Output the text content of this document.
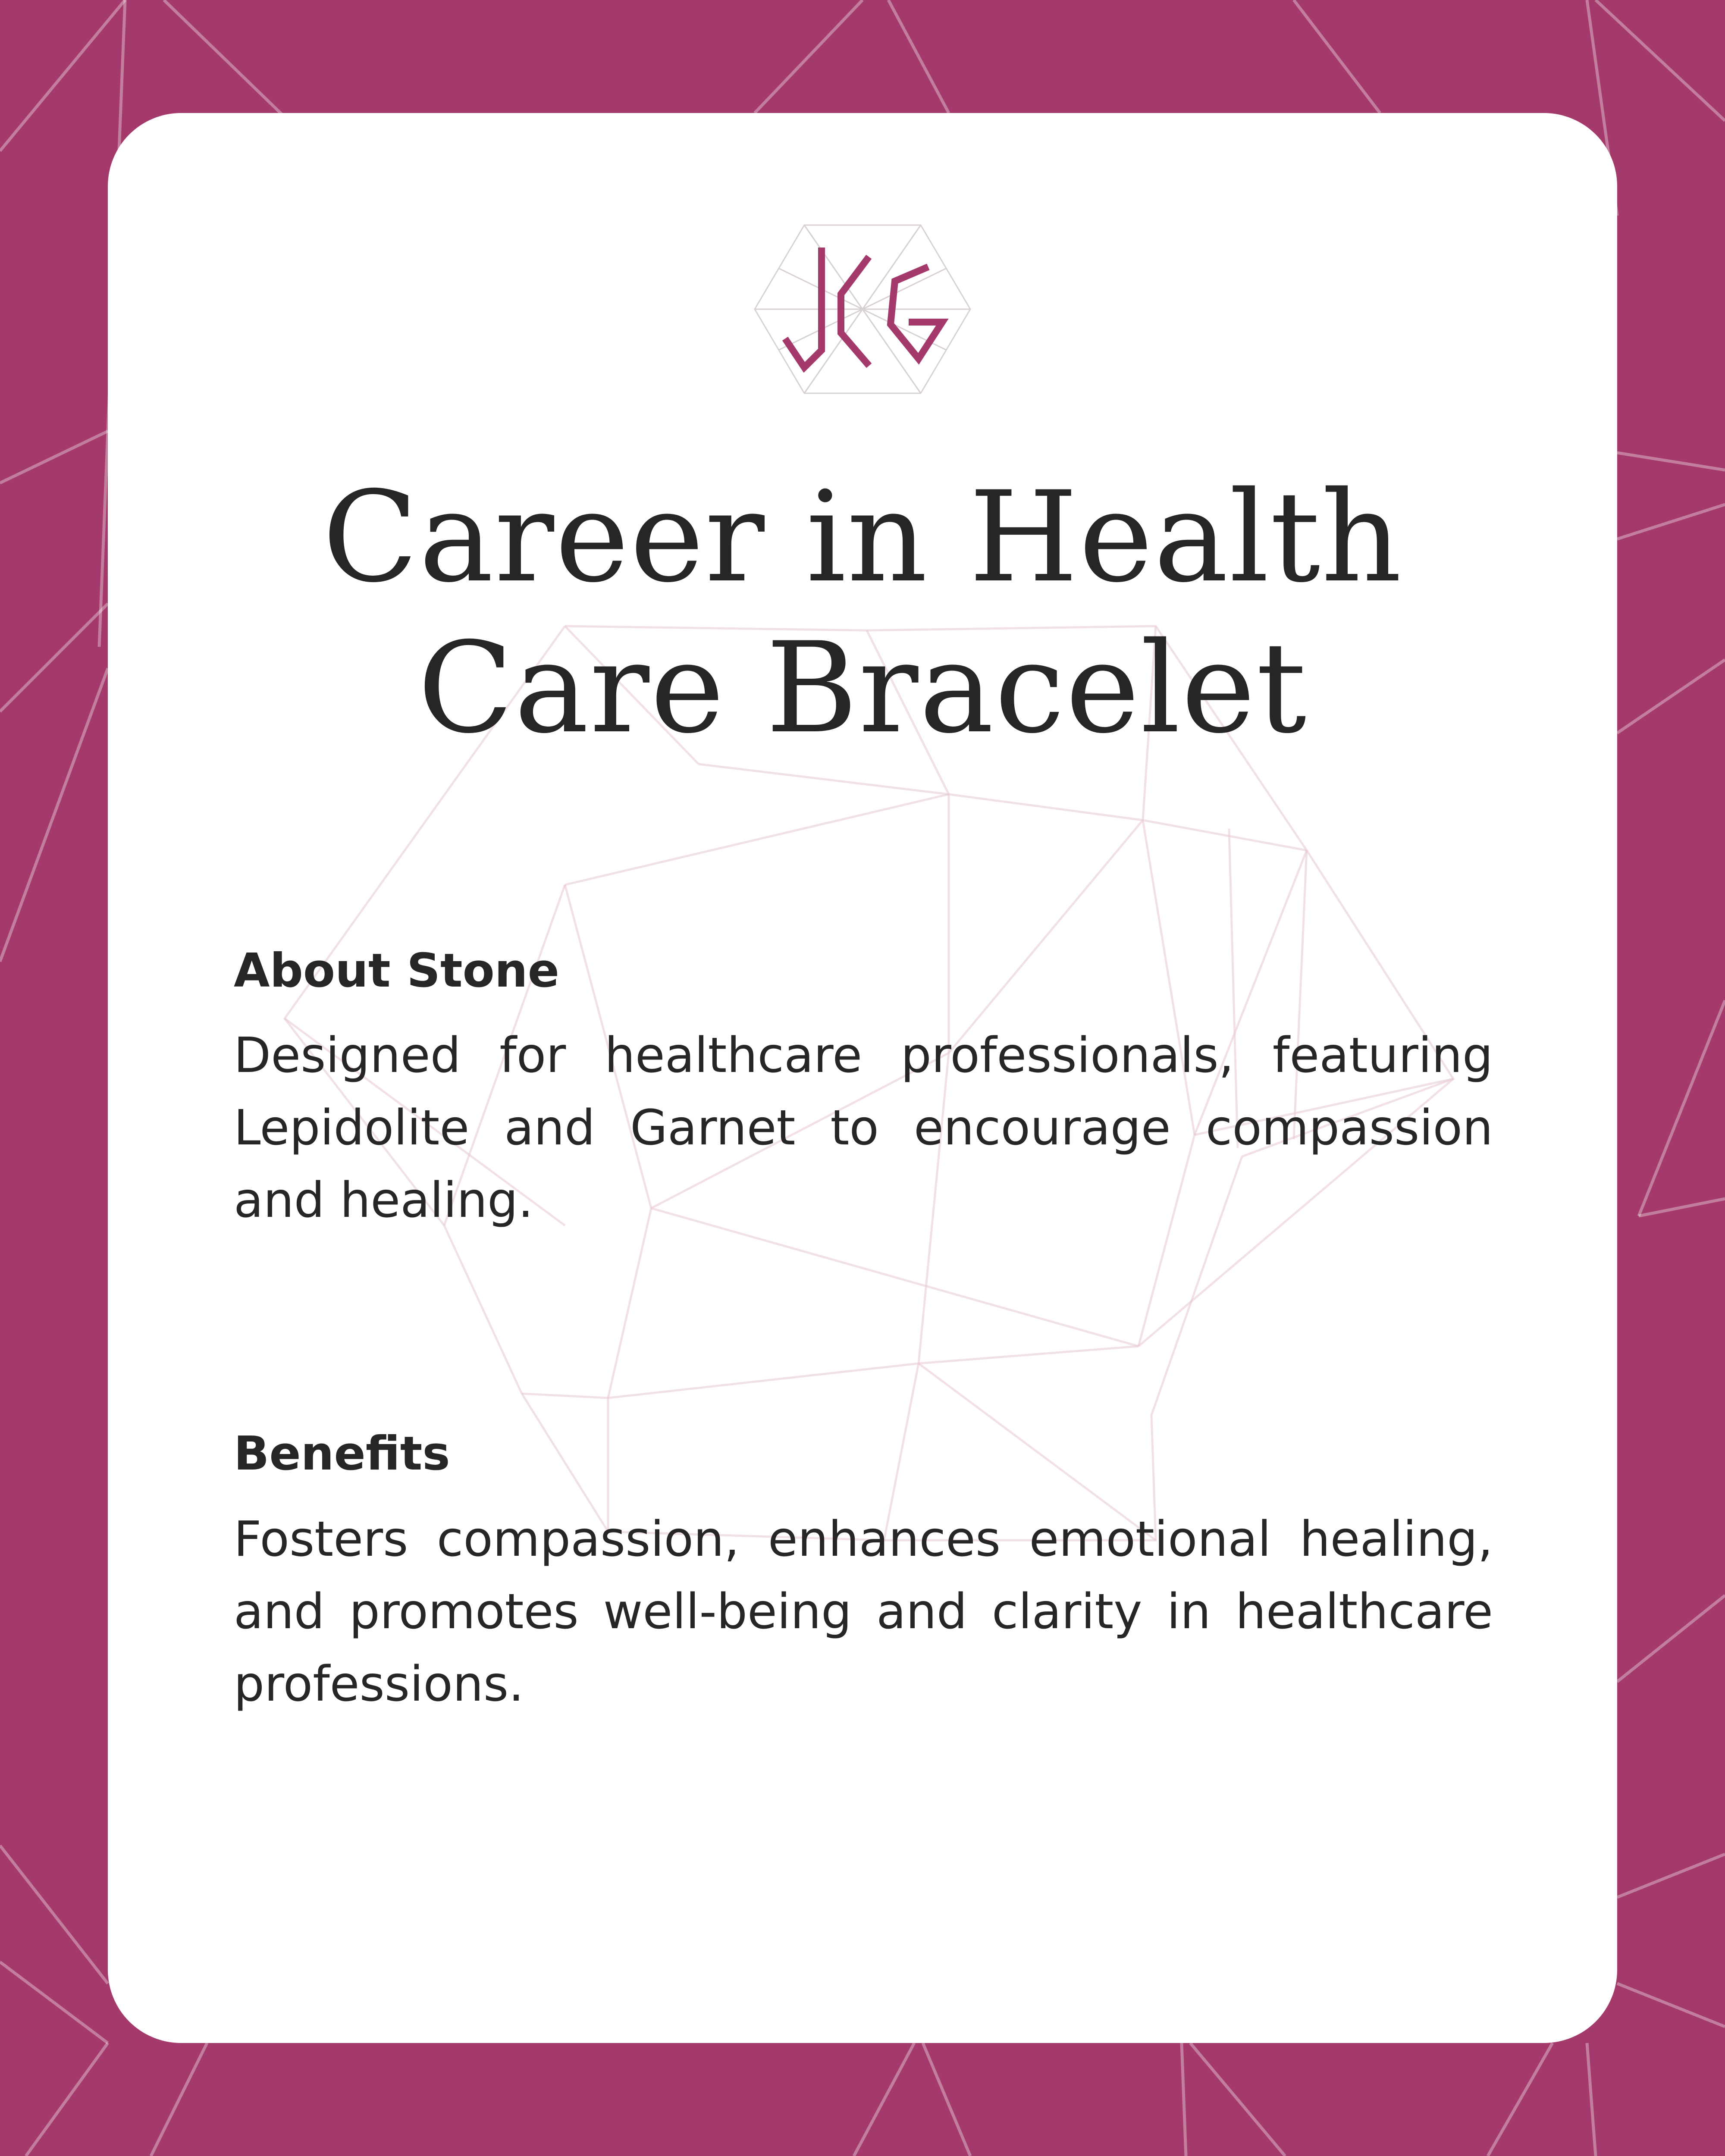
Career in Health Care Bracelet
About Stone

Designed for healthcare professionals, featuring Lepidolite and Garnet to encourage compassion and healing.

Benefits

Fosters compassion, enhances emotional healing, and promotes well-being and clarity in healthcare professions.
